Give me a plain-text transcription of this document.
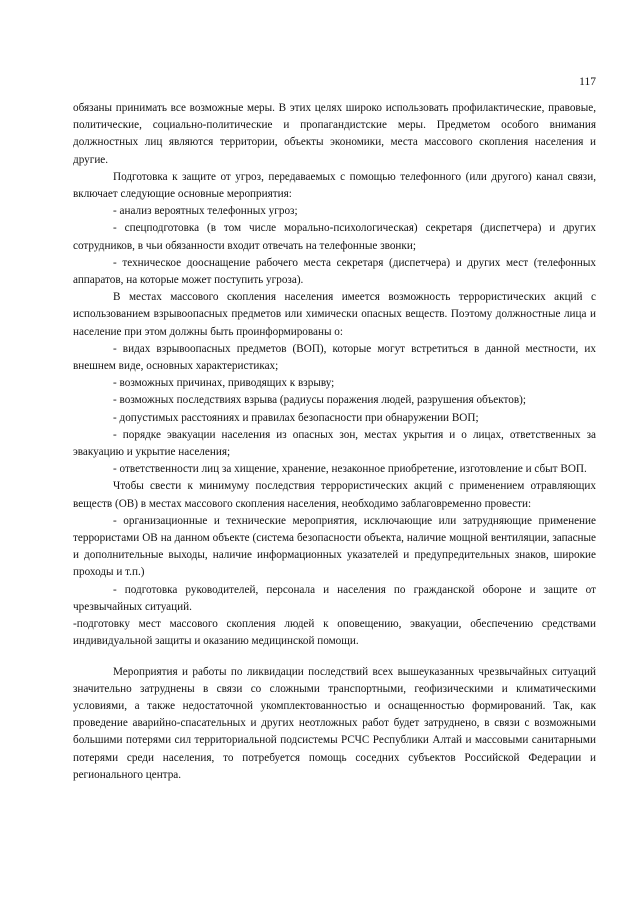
117

обязаны принимать все возможные меры. В этих целях широко использовать профилактические, правовые, политические, социально-политические и пропагандистские меры. Предметом особого внимания должностных лиц являются территории, объекты экономики, места массового скопления населения и другие.

Подготовка к защите от угроз, передаваемых с помощью телефонного (или другого) канал связи, включает следующие основные мероприятия:

- анализ вероятных телефонных угроз;

- спецподготовка (в том числе морально-психологическая) секретаря (диспетчера) и других сотрудников, в чьи обязанности входит отвечать на телефонные звонки;

- техническое дооснащение рабочего места секретаря (диспетчера) и других мест (телефонных аппаратов, на которые может поступить угроза).

В местах массового скопления населения имеется возможность террористических акций с использованием взрывоопасных предметов или химически опасных веществ. Поэтому должностные лица и население при этом должны быть проинформированы о:

- видах взрывоопасных предметов (ВОП), которые могут встретиться в данной местности, их внешнем виде, основных характеристиках;

- возможных причинах, приводящих к взрыву;

- возможных последствиях взрыва (радиусы поражения людей, разрушения объектов);

- допустимых расстояниях и правилах безопасности при обнаружении ВОП;

- порядке эвакуации населения из опасных зон, местах укрытия и о лицах, ответственных за эвакуацию и укрытие населения;

- ответственности лиц за хищение, хранение, незаконное приобретение, изготовление и сбыт ВОП.

Чтобы свести к минимуму последствия террористических акций с применением отравляющих веществ (ОВ) в местах массового скопления населения, необходимо заблаговременно провести:

- организационные и технические мероприятия, исключающие или затрудняющие применение террористами ОВ на данном объекте (система безопасности объекта, наличие мощной вентиляции, запасные и дополнительные выходы, наличие информационных указателей и предупредительных знаков, широкие проходы и т.п.)

- подготовка руководителей, персонала и населения по гражданской обороне и защите от чрезвычайных ситуаций.

-подготовку мест массового скопления людей к оповещению, эвакуации, обеспечению средствами индивидуальной защиты и оказанию медицинской помощи.

Мероприятия и работы по ликвидации последствий всех вышеуказанных чрезвычайных ситуаций значительно затруднены в связи со сложными транспортными, геофизическими и климатическими условиями, а также недостаточной укомплектованностью и оснащенностью формирований. Так, как проведение аварийно-спасательных и других неотложных работ будет затруднено, в связи с возможными большими потерями сил территориальной подсистемы РСЧС Республики Алтай и массовыми санитарными потерями среди населения, то потребуется помощь соседних субъектов Российской Федерации и регионального центра.
